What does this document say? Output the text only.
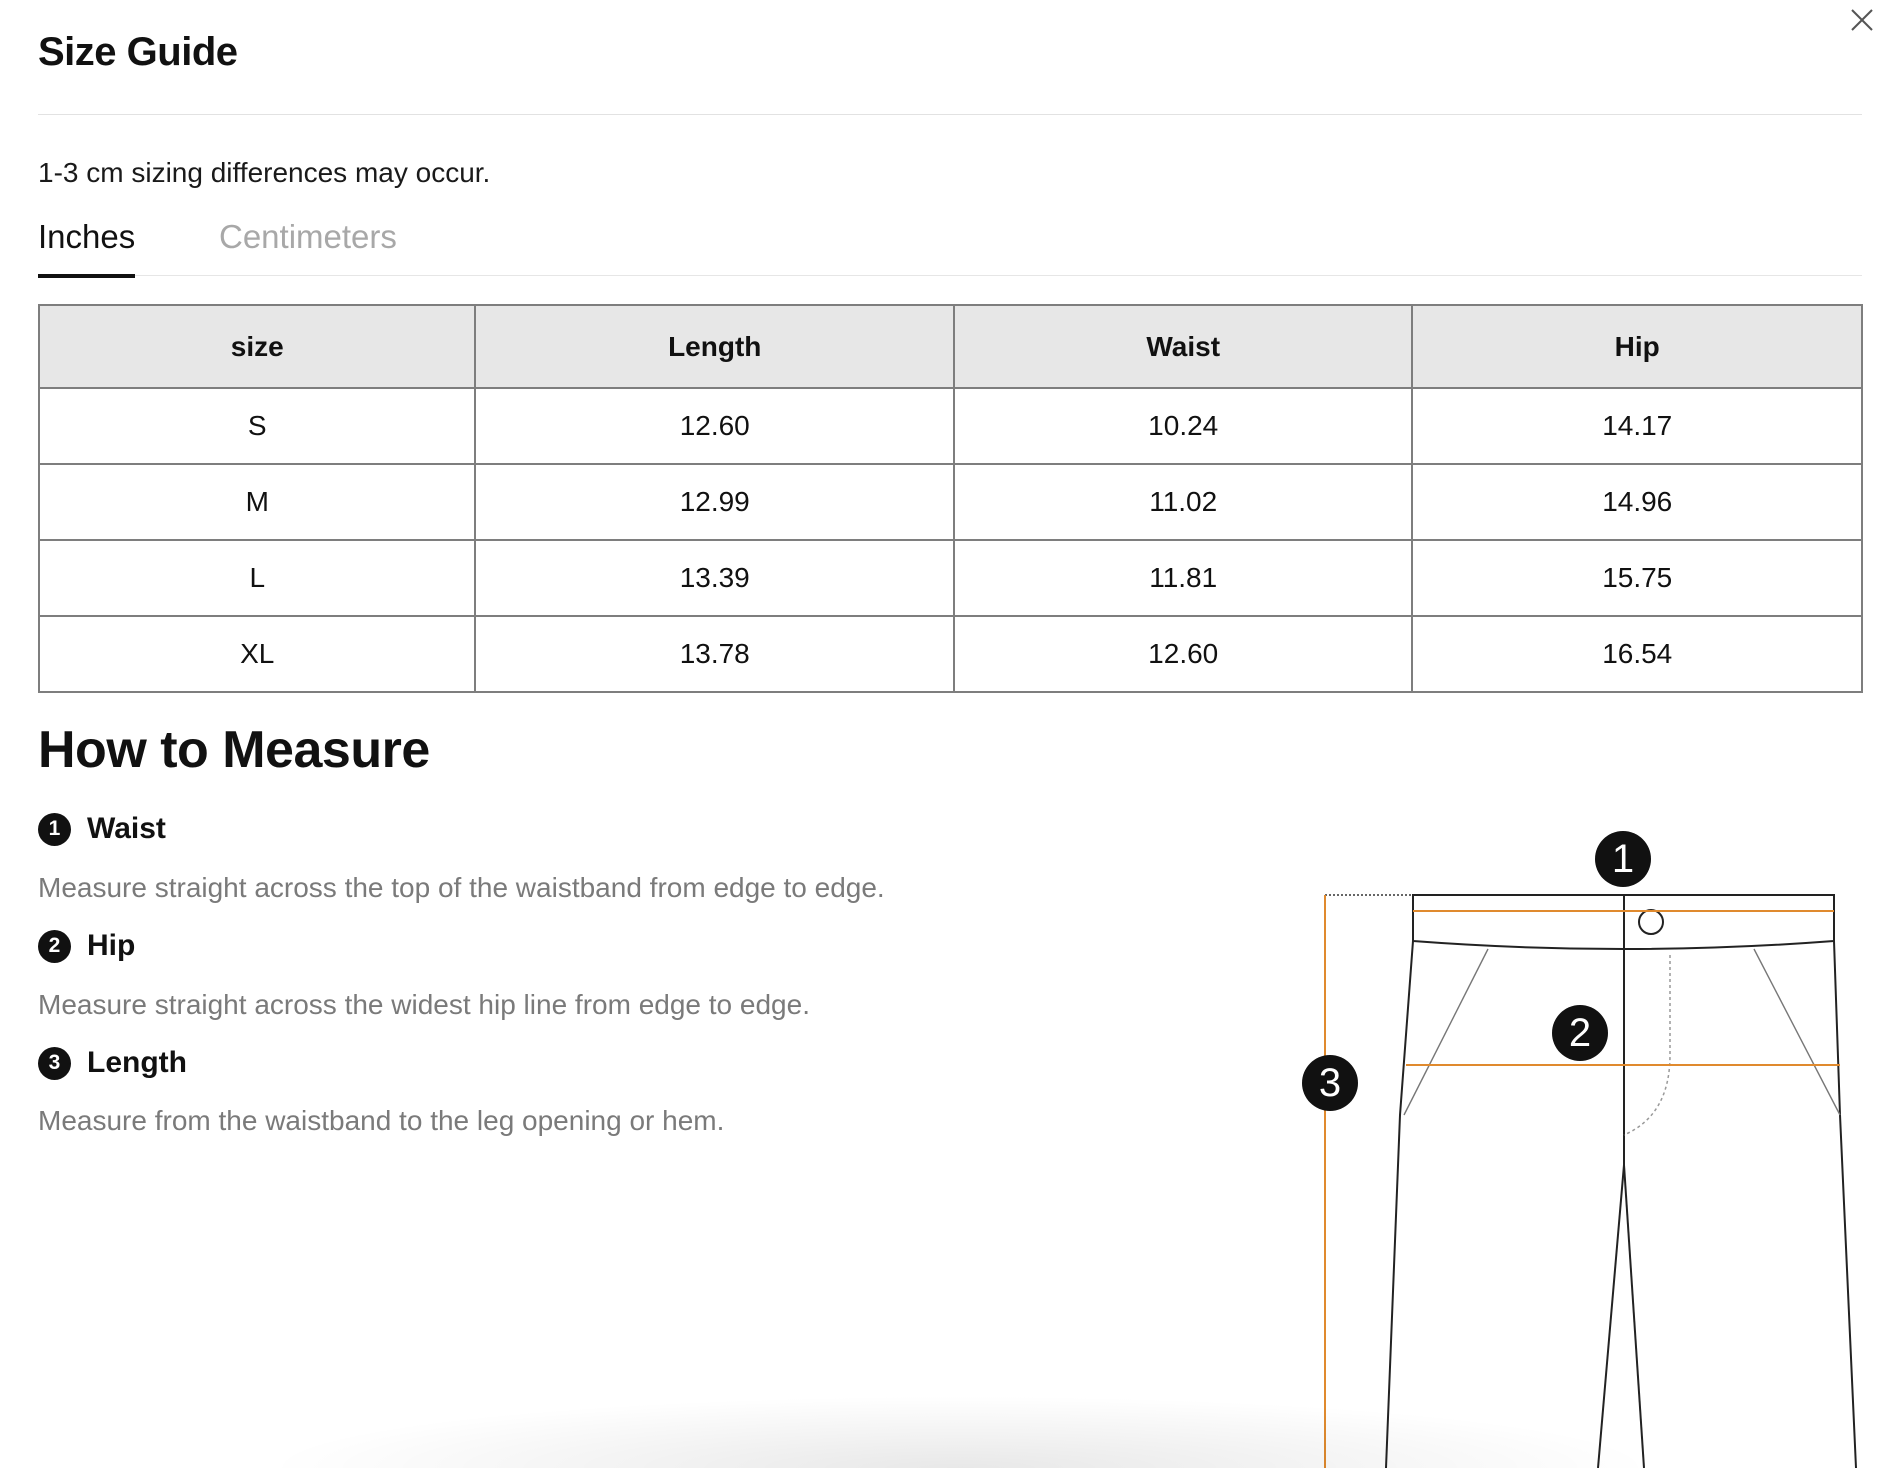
Size Guide
1-3 cm sizing differences may occur.
Inches	Centimeters
size	Length	Waist	Hip
S	12.60	10.24	14.17
M	12.99	11.02	14.96
L	13.39	11.81	15.75
XL	13.78	12.60	16.54
How to Measure
1 Waist
Measure straight across the top of the waistband from edge to edge.
2 Hip
Measure straight across the widest hip line from edge to edge.
3 Length
Measure from the waistband to the leg opening or hem.
1
2
3
